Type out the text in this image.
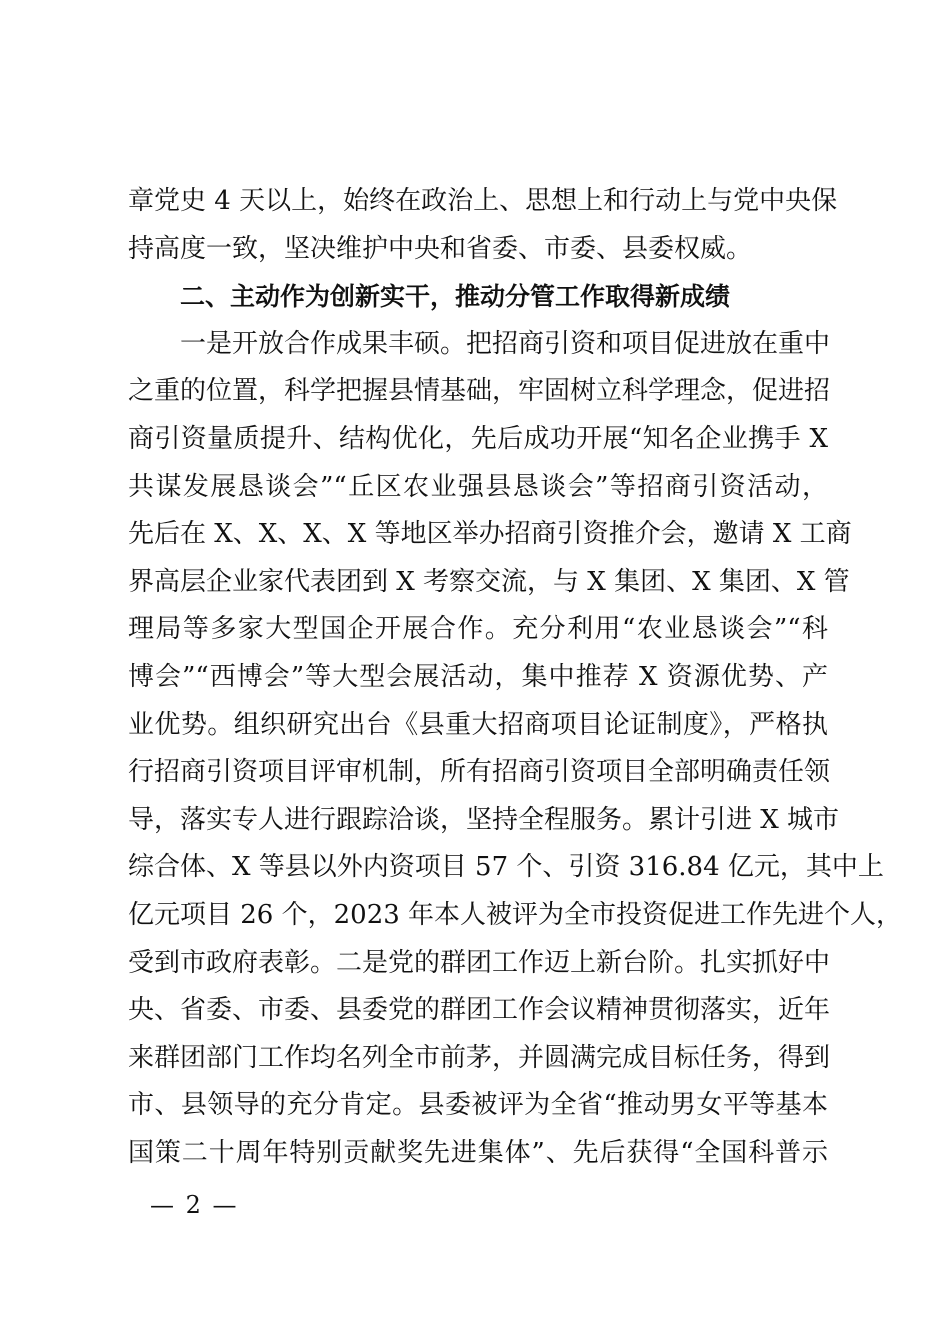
章党史 4 天以上，始终在政治上、思想上和行动上与党中央保
持高度一致，坚决维护中央和省委、市委、县委权威。
二、主动作为创新实干，推动分管工作取得新成绩
一是开放合作成果丰硕。把招商引资和项目促进放在重中
之重的位置，科学把握县情基础，牢固树立科学理念，促进招
商引资量质提升、结构优化，先后成功开展“知名企业携手 X
共谋发展恳谈会”“丘区农业强县恳谈会”等招商引资活动，
先后在 X、X、X、X 等地区举办招商引资推介会，邀请 X 工商
界高层企业家代表团到 X 考察交流，与 X 集团、X 集团、X 管
理局等多家大型国企开展合作。充分利用“农业恳谈会”“科
博会”“西博会”等大型会展活动，集中推荐 X 资源优势、产
业优势。组织研究出台《县重大招商项目论证制度》，严格执
行招商引资项目评审机制，所有招商引资项目全部明确责任领
导，落实专人进行跟踪洽谈，坚持全程服务。累计引进 X 城市
综合体、X 等县以外内资项目 57 个、引资 316.84 亿元，其中上
亿元项目 26 个，2023 年本人被评为全市投资促进工作先进个人，
受到市政府表彰。二是党的群团工作迈上新台阶。扎实抓好中
央、省委、市委、县委党的群团工作会议精神贯彻落实，近年
来群团部门工作均名列全市前茅，并圆满完成目标任务，得到
市、县领导的充分肯定。县委被评为全省“推动男女平等基本
国策二十周年特别贡献奖先进集体”、先后获得“全国科普示
— 2 —
